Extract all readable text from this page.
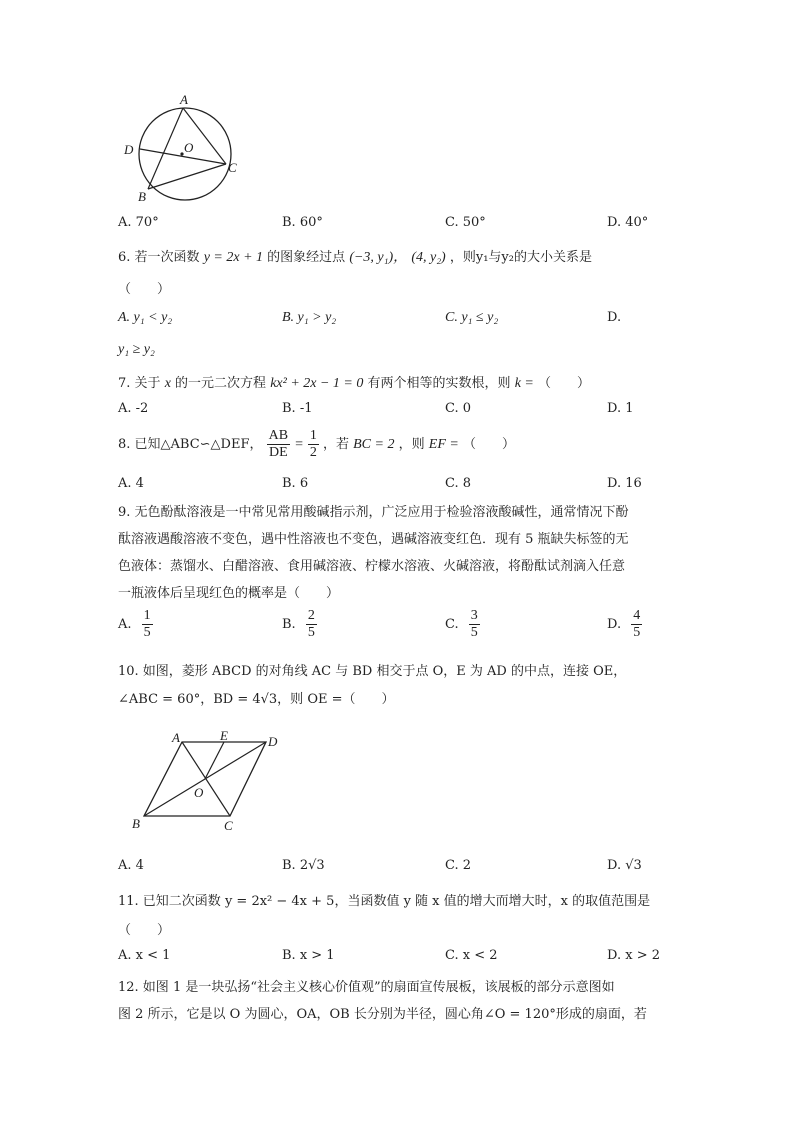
A
D	O
C
B
A. 70°	B. 60°	C. 50°	D. 40°
6. 若一次函数 y = 2x + 1 的图象经过点 (−3, y₁)， (4, y₂) ，则y₁与y₂的大小关系是
（　　）
A. y₁ < y₂	B. y₁ > y₂	C. y₁ ≤ y₂	D.
y₁ ≥ y₂
7. 关于 x 的一元二次方程 kx² + 2x − 1 = 0 有两个相等的实数根，则 k = （　　）
A. -2	B. -1	C. 0	D. 1
8. 已知△ABC∽△DEF， $\frac{AB}{DE} = \frac{1}{2}$ ，若 BC = 2 ，则 EF = （　　）
A. 4	B. 6	C. 8	D. 16
9. 无色酚酞溶液是一中常见常用酸碱指示剂，广泛应用于检验溶液酸碱性，通常情况下酚
酞溶液遇酸溶液不变色，遇中性溶液也不变色，遇碱溶液变红色．现有 5 瓶缺失标签的无
色液体：蒸馏水、白醋溶液、食用碱溶液、柠檬水溶液、火碱溶液，将酚酞试剂滴入任意
一瓶液体后呈现红色的概率是（　　）
A. $\frac{1}{5}$	B. $\frac{2}{5}$	C. $\frac{3}{5}$	D. $\frac{4}{5}$
10. 如图，菱形 ABCD 的对角线 AC 与 BD 相交于点 O，E 为 AD 的中点，连接 OE，
∠ABC = 60°，BD = 4√3，则 OE =（　　）
A	E	D
O
B	C
A. 4	B. 2√3	C. 2	D. √3
11. 已知二次函数 y = 2x² − 4x + 5，当函数值 y 随 x 值的增大而增大时，x 的取值范围是
（　　）
A. x < 1	B. x > 1	C. x < 2	D. x > 2
12. 如图 1 是一块弘扬“社会主义核心价值观”的扇面宣传展板，该展板的部分示意图如
图 2 所示，它是以 O 为圆心，OA，OB 长分别为半径，圆心角∠O = 120°形成的扇面，若
